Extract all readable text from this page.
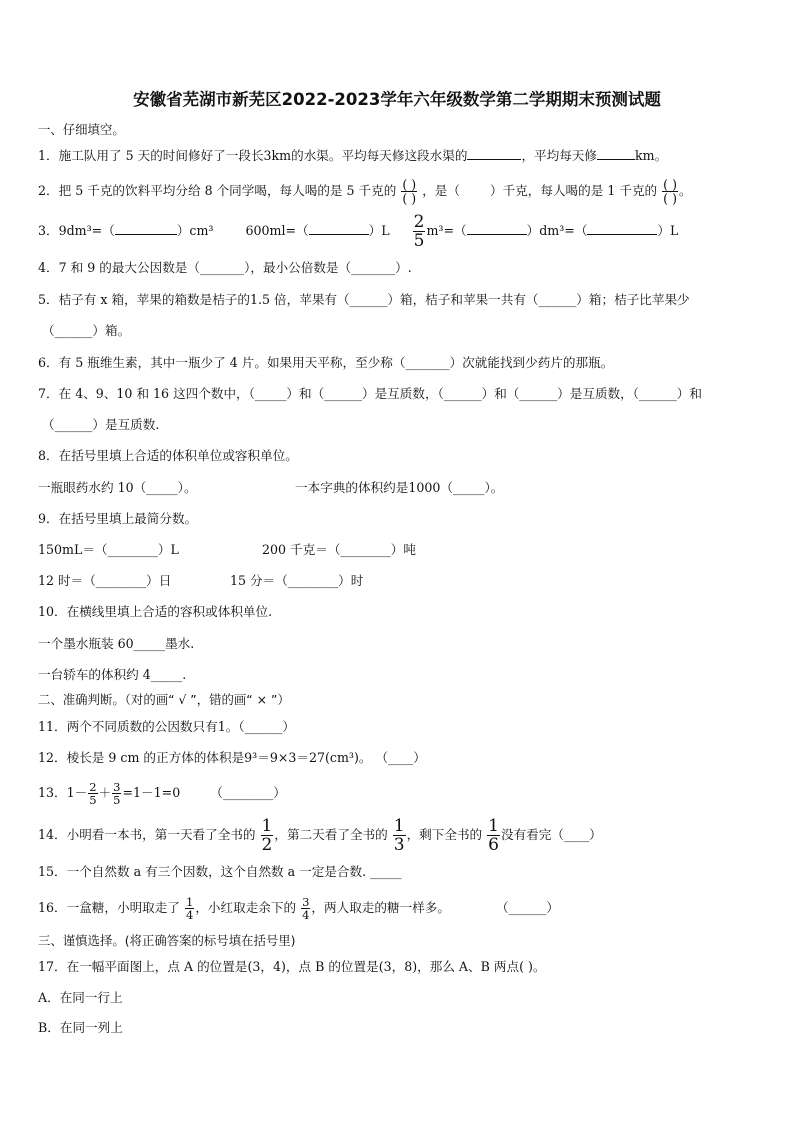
安徽省芜湖市新芜区2022-2023学年六年级数学第二学期期末预测试题
一、仔细填空。
1．施工队用了 5 天的时间修好了一段长3km的水渠。平均每天修这段水渠的	，平均每天修	km。
2．把 5 千克的饮料平均分给 8 个同学喝，每人喝的是 5 千克的 $\frac{( )}{( )}$ ，是（ ）千克，每人喝的是 1 千克的 $\frac{( )}{( )}$ 。
3．9dm³=（	）cm³	600ml=（	）$L \frac{2}{5} m^3=$（	）dm³=（	）L
4．7 和 9 的最大公因数是（_______），最小公倍数是（_______）.
5．桔子有 x 箱，苹果的箱数是桔子的1.5 倍，苹果有（______）箱，桔子和苹果一共有（______）箱；桔子比苹果少
（______）箱。
6．有 5 瓶维生素，其中一瓶少了 4 片。如果用天平称，至少称（_______）次就能找到少药片的那瓶。
7．在 4、9、10 和 16 这四个数中，（_____）和（______）是互质数，（______）和（______）是互质数，（______）和
（______）是互质数.
8．在括号里填上合适的体积单位或容积单位。
一瓶眼药水约 10（_____）。	一本字典的体积约是1000（_____）。
9．在括号里填上最简分数。
150mL＝（________）L	200 千克＝（________）吨
12 时＝（________）日	15 分＝（________）时
10．在横线里填上合适的容积或体积单位.
一个墨水瓶装 60_____墨水.
一台轿车的体积约 4_____.
二、准确判断。（对的画“ √ ”，错的画“ × ”）
11．两个不同质数的公因数只有1。（______）
12．棱长是 9 cm 的正方体的体积是9³＝9×3＝27(cm³)。 （____）
13．$1- \frac{2}{5} + \frac{3}{5} =1-1=0$ （________）
14．小明看一本书，第一天看了全书的 $\frac{1}{2}$ ，第二天看了全书的 $\frac{1}{3}$ ，剩下全书的 $\frac{1}{6}$ 没有看完（____）
15．一个自然数 a 有三个因数，这个自然数 a 一定是合数. _____
16．一盒糖，小明取走了 $\frac{1}{4}$ ，小红取走余下的 $\frac{3}{4}$ ，两人取走的糖一样多。	（______）
三、谨慎选择。(将正确答案的标号填在括号里)
17．在一幅平面图上，点 A 的位置是(3，4)，点 B 的位置是(3，8)，那么 A、B 两点( )。
A．在同一行上
B．在同一列上
